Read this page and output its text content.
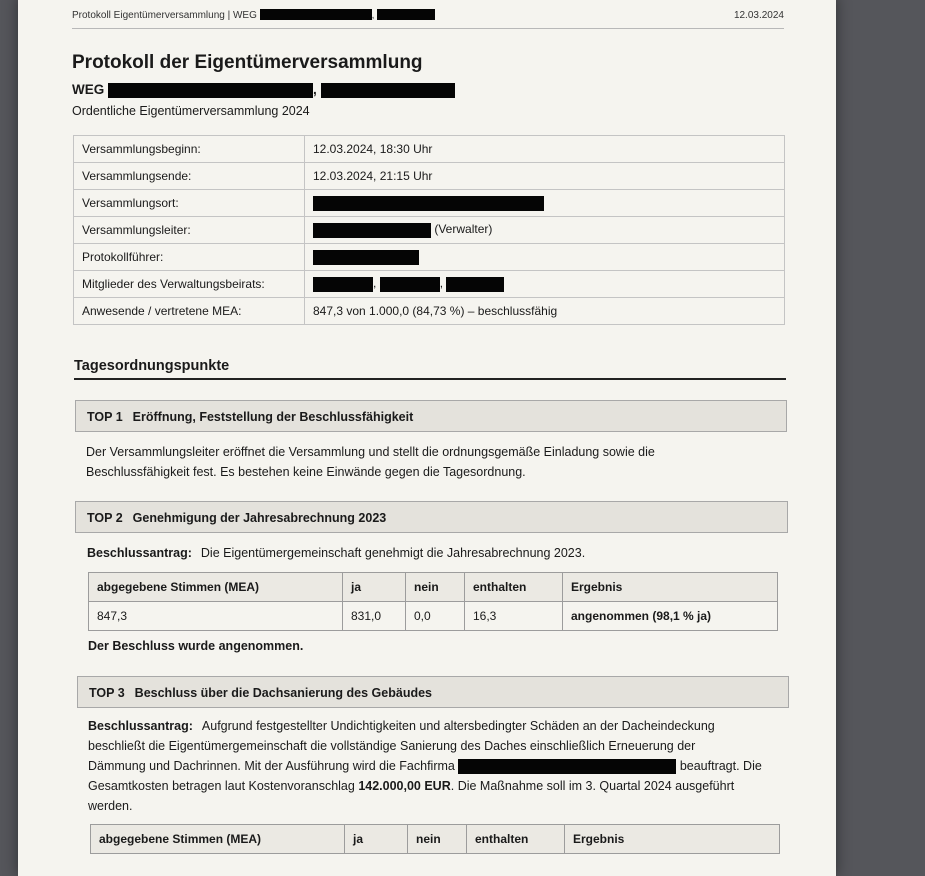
Protokoll Eigentümerversammlung | WEG	,	12.03.2024
Protokoll der Eigentümerversammlung
WEG	,
Ordentliche Eigentümerversammlung 2024
Versammlungsbeginn:	12.03.2024, 18:30 Uhr
Versammlungsende:	12.03.2024, 21:15 Uhr
Versammlungsort:	
Versammlungsleiter:	(Verwalter)
Protokollführer:	
Mitglieder des Verwaltungsbeirats:	, ,
Anwesende / vertretene MEA:	847,3 von 1.000,0 (84,73 %) – beschlussfähig
Tagesordnungspunkte
TOP 1 Eröffnung, Feststellung der Beschlussfähigkeit

Der Versammlungsleiter eröffnet die Versammlung und stellt die ordnungsgemäße Einladung sowie die
Beschlussfähigkeit fest. Es bestehen keine Einwände gegen die Tagesordnung.

TOP 2 Genehmigung der Jahresabrechnung 2023

Beschlussantrag: Die Eigentümergemeinschaft genehmigt die Jahresabrechnung 2023.

abgegebene Stimmen (MEA)	ja	nein	enthalten	Ergebnis
847,3	831,0	0,0	16,3	angenommen (98,1 % ja)
Der Beschluss wurde angenommen.
TOP 3 Beschluss über die Dachsanierung des Gebäudes

Beschlussantrag: Aufgrund festgestellter Undichtigkeiten und altersbedingter Schäden an der Dacheindeckung
beschließt die Eigentümergemeinschaft die vollständige Sanierung des Daches einschließlich Erneuerung der
Dämmung und Dachrinnen. Mit der Ausführung wird die Fachfirma	beauftragt. Die
Gesamtkosten betragen laut Kostenvoranschlag 142.000,00 EUR. Die Maßnahme soll im 3. Quartal 2024 ausgeführt
werden.

abgegebene Stimmen (MEA)	ja	nein	enthalten	Ergebnis
